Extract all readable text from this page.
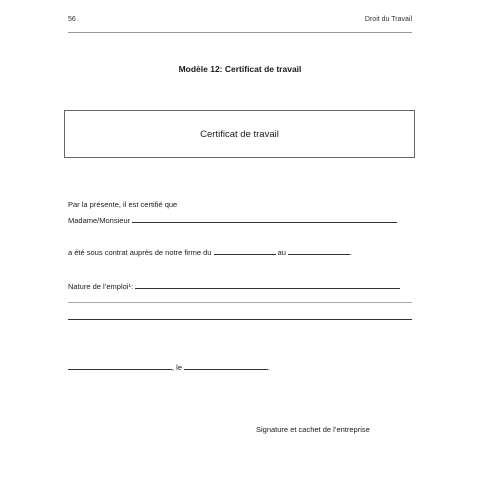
56	Droit du Travail
Modèle 12: Certificat de travail
Certificat de travail
Par la présente, il est certifié que
Madame/Monsieur
a été sous contrat auprès de notre firme du	au	.
Nature de l’emploi¹:
, le	.
Signature et cachet de l’entreprise
